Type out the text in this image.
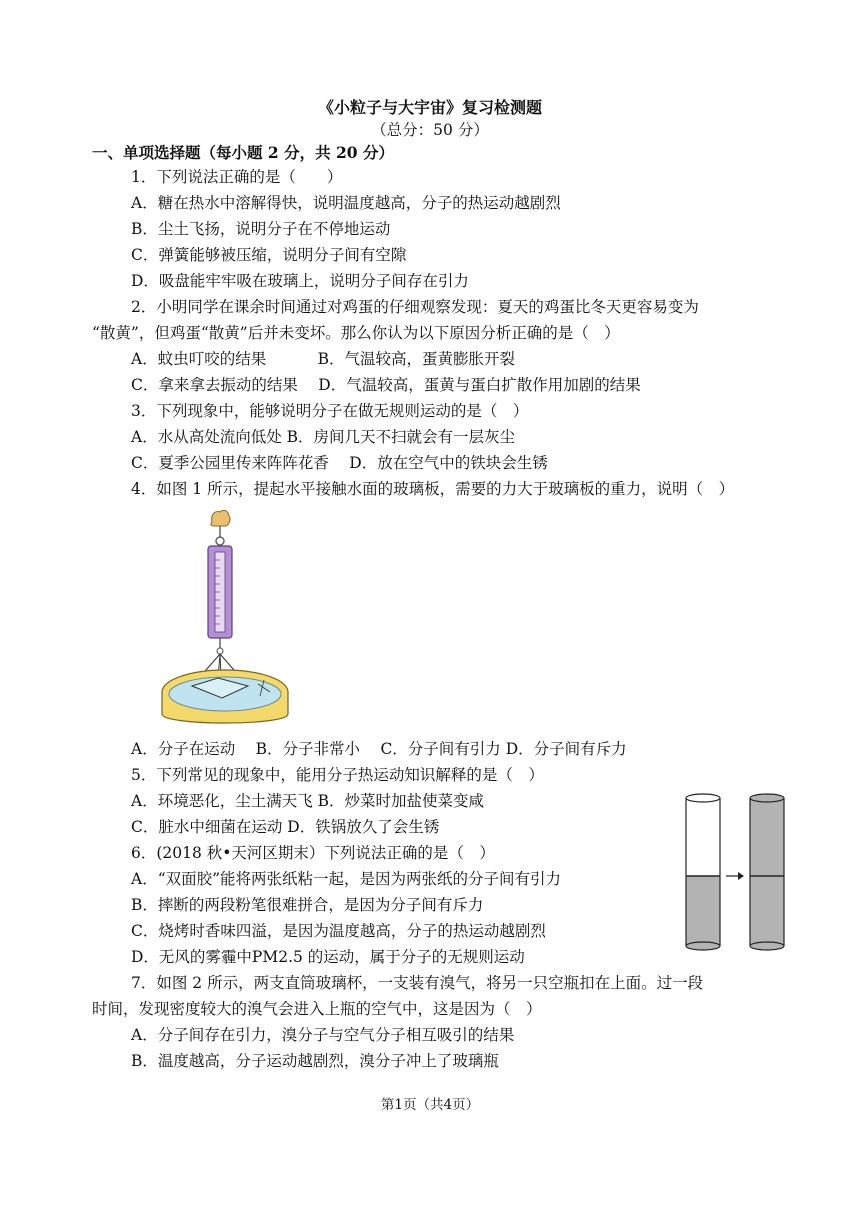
《小粒子与大宇宙》复习检测题
（总分：50 分）
一、单项选择题（每小题 2 分，共 20 分）
1．下列说法正确的是（　　）
A．糖在热水中溶解得快，说明温度越高，分子的热运动越剧烈
B．尘土飞扬，说明分子在不停地运动
C．弹簧能够被压缩，说明分子间有空隙
D．吸盘能牢牢吸在玻璃上，说明分子间存在引力
2．小明同学在课余时间通过对鸡蛋的仔细观察发现：夏天的鸡蛋比冬天更容易变为
“散黄”，但鸡蛋“散黄”后并未变坏。那么你认为以下原因分析正确的是（　）
A．蚊虫叮咬的结果　　　 B．气温较高，蛋黄膨胀开裂
C．拿来拿去振动的结果　 D．气温较高，蛋黄与蛋白扩散作用加剧的结果
3．下列现象中，能够说明分子在做无规则运动的是（　）
A．水从高处流向低处 B．房间几天不扫就会有一层灰尘
C．夏季公园里传来阵阵花香　 D．放在空气中的铁块会生锈
4．如图 1 所示，提起水平接触水面的玻璃板，需要的力大于玻璃板的重力，说明（　）
A．分子在运动　 B．分子非常小　 C．分子间有引力 D．分子间有斥力
5．下列常见的现象中，能用分子热运动知识解释的是（　）
A．环境恶化，尘土满天飞 B．炒菜时加盐使菜变咸
C．脏水中细菌在运动 D．铁锅放久了会生锈
6．(2018 秋•天河区期末）下列说法正确的是（　）
A．“双面胶”能将两张纸粘一起，是因为两张纸的分子间有引力
B．摔断的两段粉笔很难拼合，是因为分子间有斥力
C．烧烤时香味四溢，是因为温度越高，分子的热运动越剧烈
D．无风的雾霾中PM2.5 的运动，属于分子的无规则运动
7．如图 2 所示，两支直筒玻璃杯，一支装有溴气，将另一只空瓶扣在上面。过一段
时间，发现密度较大的溴气会进入上瓶的空气中，这是因为（　）
A．分子间存在引力，溴分子与空气分子相互吸引的结果
B．温度越高，分子运动越剧烈，溴分子冲上了玻璃瓶
第1页（共4页）
